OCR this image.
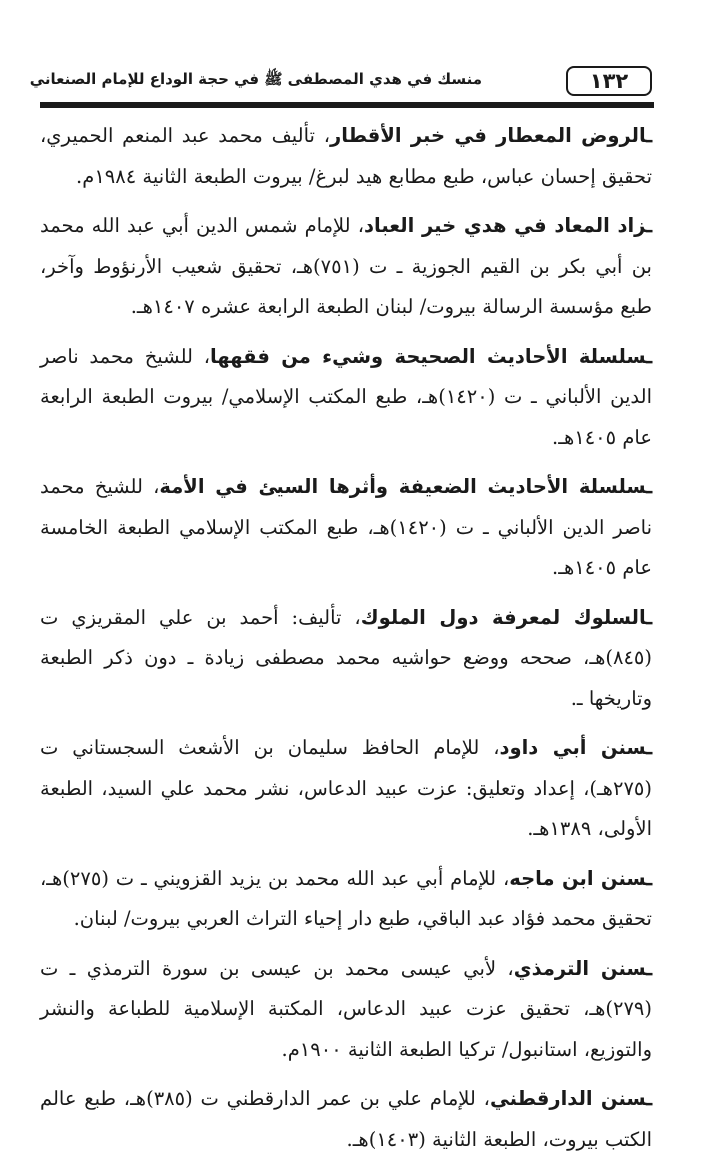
١٣٢
منسك في هدي المصطفى ﷺ في حجة الوداع للإمام الصنعاني

ـالروض المعطار في خبر الأقطار، تأليف محمد عبد المنعم الحميري، تحقيق إحسان عباس، طبع مطابع هيد لبرغ/ بيروت الطبعة الثانية ١٩٨٤م.

ـزاد المعاد في هدي خير العباد، للإمام شمس الدين أبي عبد الله محمد بن أبي بكر بن القيم الجوزية ـ ت (٧٥١)هـ، تحقيق شعيب الأرنؤوط وآخر، طبع مؤسسة الرسالة بيروت/ لبنان الطبعة الرابعة عشره ١٤٠٧هـ.

ـسلسلة الأحاديث الصحيحة وشيء من فقهها، للشيخ محمد ناصر الدين الألباني ـ ت (١٤٢٠)هـ، طبع المكتب الإسلامي/ بيروت الطبعة الرابعة عام ١٤٠٥هـ.

ـسلسلة الأحاديث الضعيفة وأثرها السيئ في الأمة، للشيخ محمد ناصر الدين الألباني ـ ت (١٤٢٠)هـ، طبع المكتب الإسلامي الطبعة الخامسة عام ١٤٠٥هـ.

ـالسلوك لمعرفة دول الملوك، تأليف: أحمد بن علي المقريزي ت (٨٤٥)هـ، صححه ووضع حواشيه محمد مصطفى زيادة ـ دون ذكر الطبعة وتاريخها ـ.

ـسنن أبي داود، للإمام الحافظ سليمان بن الأشعث السجستاني ت (٢٧٥هـ)، إعداد وتعليق: عزت عبيد الدعاس، نشر محمد علي السيد، الطبعة الأولى، ١٣٨٩هـ.

ـسنن ابن ماجه، للإمام أبي عبد الله محمد بن يزيد القزويني ـ ت (٢٧٥)هـ، تحقيق محمد فؤاد عبد الباقي، طبع دار إحياء التراث العربي بيروت/ لبنان.

ـسنن الترمذي، لأبي عيسى محمد بن عيسى بن سورة الترمذي ـ ت (٢٧٩)هـ، تحقيق عزت عبيد الدعاس، المكتبة الإسلامية للطباعة والنشر والتوزيع، استانبول/ تركيا الطبعة الثانية ١٩٠٠م.

ـسنن الدارقطني، للإمام علي بن عمر الدارقطني ت (٣٨٥)هـ، طبع عالم الكتب بيروت، الطبعة الثانية (١٤٠٣)هـ.
